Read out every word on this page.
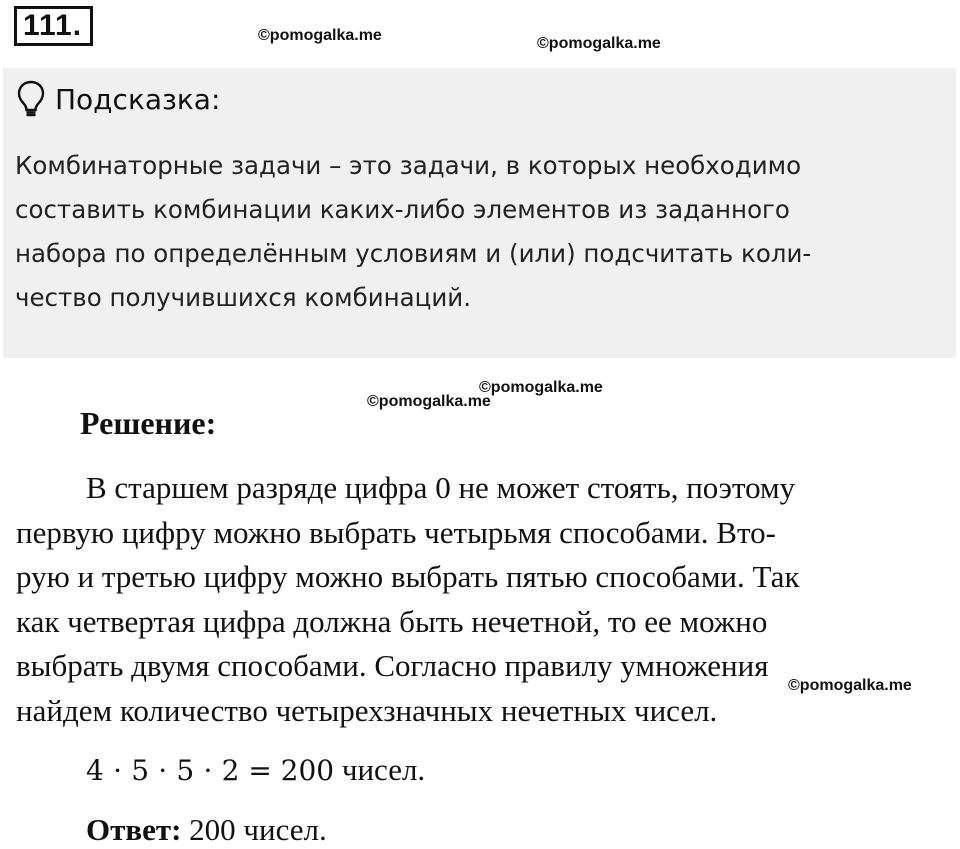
111 .	©pomogalka.me	©pomogalka.me
Подсказка:
Комбинаторные задачи – это задачи, в которых необходимо
составить комбинации каких-либо элементов из заданного
набора по определённым условиям и (или) подсчитать коли-
чество получившихся комбинаций.
©pomogalka.me
©pomogalka.me
Решение:
В старшем разряде цифра 0 не может стоять, поэтому
первую цифру можно выбрать четырьмя способами. Вто-
рую и третью цифру можно выбрать пятью способами. Так
как четвертая цифра должна быть нечетной, то ее можно
выбрать двумя способами. Согласно правилу умножения
найдем количество четырехзначных нечетных чисел.
©pomogalka.me
4 ⋅ 5 ⋅ 5 ⋅ 2 = 200 чисел.
Ответ: 200 чисел.
